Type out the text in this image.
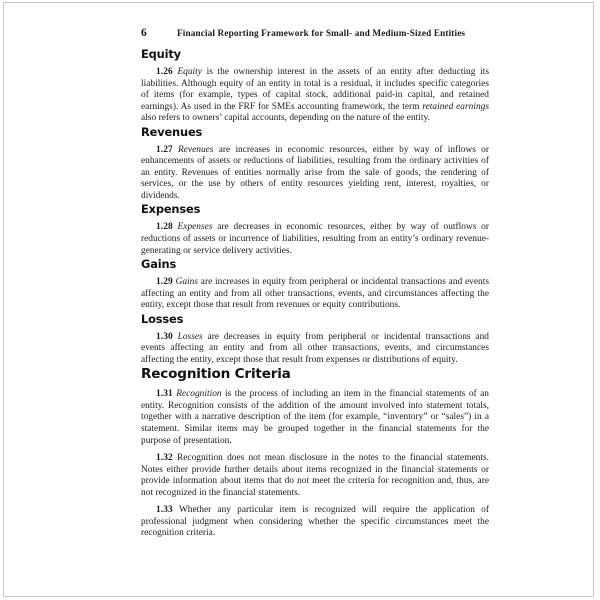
6	Financial Reporting Framework for Small- and Medium-Sized Entities
Equity

1.26 Equity is the ownership interest in the assets of an entity after deducting its liabilities. Although equity of an entity in total is a residual, it includes specific categories of items (for example, types of capital stock, additional paid-in capital, and retained earnings). As used in the FRF for SMEs accounting framework, the term retained earnings also refers to owners’ capital accounts, depending on the nature of the entity.

Revenues

1.27 Revenues are increases in economic resources, either by way of inflows or enhancements of assets or reductions of liabilities, resulting from the ordinary activities of an entity. Revenues of entities normally arise from the sale of goods, the rendering of services, or the use by others of entity resources yielding rent, interest, royalties, or dividends.

Expenses

1.28 Expenses are decreases in economic resources, either by way of outflows or reductions of assets or incurrence of liabilities, resulting from an entity’s ordinary revenue-generating or service delivery activities.

Gains

1.29 Gains are increases in equity from peripheral or incidental transactions and events affecting an entity and from all other transactions, events, and circumstances affecting the entity, except those that result from revenues or equity contributions.

Losses

1.30 Losses are decreases in equity from peripheral or incidental transactions and events affecting an entity and from all other transactions, events, and circumstances affecting the entity, except those that result from expenses or distributions of equity.

Recognition Criteria

1.31 Recognition is the process of including an item in the financial statements of an entity. Recognition consists of the addition of the amount involved into statement totals, together with a narrative description of the item (for example, “inventory” or “sales”) in a statement. Similar items may be grouped together in the financial statements for the purpose of presentation.

1.32 Recognition does not mean disclosure in the notes to the financial statements. Notes either provide further details about items recognized in the financial statements or provide information about items that do not meet the criteria for recognition and, thus, are not recognized in the financial statements.

1.33 Whether any particular item is recognized will require the application of professional judgment when considering whether the specific circumstances meet the recognition criteria.
